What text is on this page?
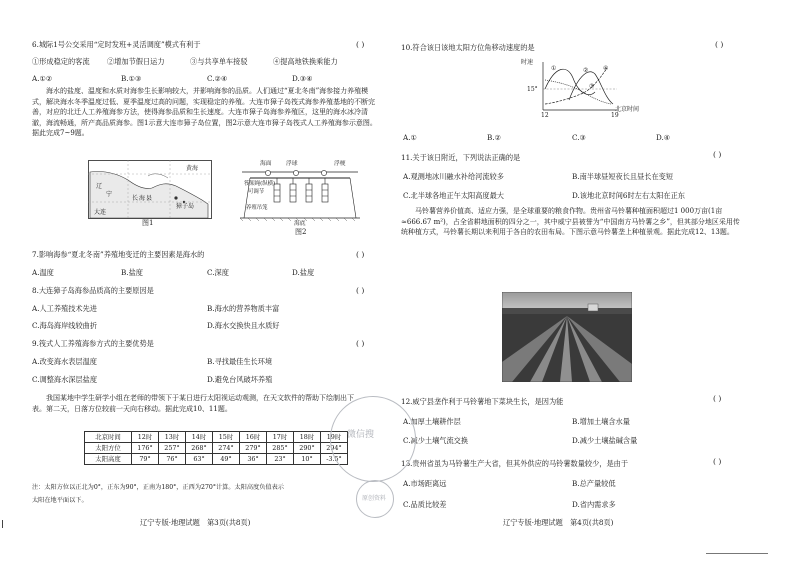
6.城际1号公交采用“定时发班+灵活调度”模式有利于	( )
①形成稳定的客流 ②增加节假日运力	③与共享单车接驳	④提高地铁换乘能力
A.①②	B.①③	C.②④	D.③④
海水的盐度、温度和水质对海参生长影响较大，并影响海参的品质。人们通过“夏北冬南”海参接力养殖模式，解决海水冬季温度过低、夏季温度过高的问题，实现稳定的养殖。大连市獐子岛筏式海参养殖基地的不断完善，对应的北迁人工养殖海参方法，使得海参品质和生长速度。大连市獐子岛海参养殖区，这里的海水冰冷清澈，海流畅通，所产高品质海参。图1示意大连市獐子岛位置，图2示意大连市獐子岛筏式人工养殖海参示意图。据此完成7~9题。
辽
宁
长 海 县
大连
獐子岛
黄海
图1
海面 浮球	浮梗
筏架绳(纵横)
可调节
养殖吊笼
海底
图2
7.影响海参“夏北冬南”养殖地变迁的主要因素是海水的	( )
A.温度	B.盐度	C.深度	D.盐度
8.大连獐子岛海参品质高的主要原因是	( )
A.人工养殖技术先进	B.海水的营养物质丰富
C.海岛海岸线较曲折	D.海水交换快且水质好
9.筏式人工养殖海参方式的主要优势是	( )
A.改变海水表层温度	B.寻找最佳生长环境
C.调整海水深层盐度	D.避免台风破坏养殖
我国某地中学生研学小组在老师的带领下于某日进行太阳视运动观测，在天文软件的帮助下绘制出下表。第二天，日落方位较前一天向右移动。据此完成10、11题。
北京时间	12时	13时	14时	15时	16时	17时	18时	19时
太阳方位	176°	257°	268°	274°	279°	285°	290°	294°
太阳高度	79°	76°	63°	49°	36°	23°	10°	-3.5°
注：太阳方位以正北为0°，正东为90°，正南为180°，正西为270°计算。太阳高度负值表示
太阳在地平面以下。
辽宁专版·地理试题　第3页(共8页)
10.符合该日该地太阳方位角移动速度的是	( )
时速
15°
12	19
北京时间
①	②
③
④
A.①	B.②	C.③	D.④
11.关于该日附近，下列说法正确的是	( )
A.观测地冰川融水补给河流较多	B.南半球昼短夜长且昼长在变短
C.北半球各地正午太阳高度最大	D.该地北京时间6时左右太阳在正东
马铃薯营养价值高、适应力强，是全球重要的粮食作物。贵州省马铃薯种植面积超过1 000万亩(1亩≈666.67 m²)，占全省耕地面积的四分之一，其中威宁县被誉为“中国南方马铃薯之乡”，但其部分地区采用传统种植方式，马铃薯长期以来利用于各自的农田布局。下图示意马铃薯垄上种植景观。据此完成12、13题。
12.威宁县垄作利于马铃薯地下菜块生长，是因为能	( )
A.加厚土壤耕作层	B.增加土壤含水量
C.减少土壤气流交换	D.减少土壤盐碱含量
13.贵州省虽为马铃薯生产大省，但其外供应的马铃薯数量较少，是由于	( )
A.市场距离远	B.总产量较低
C.品质比较差	D.省内需求多
辽宁专版·地理试题　第4页(共8页)
微信搜
原创资料
